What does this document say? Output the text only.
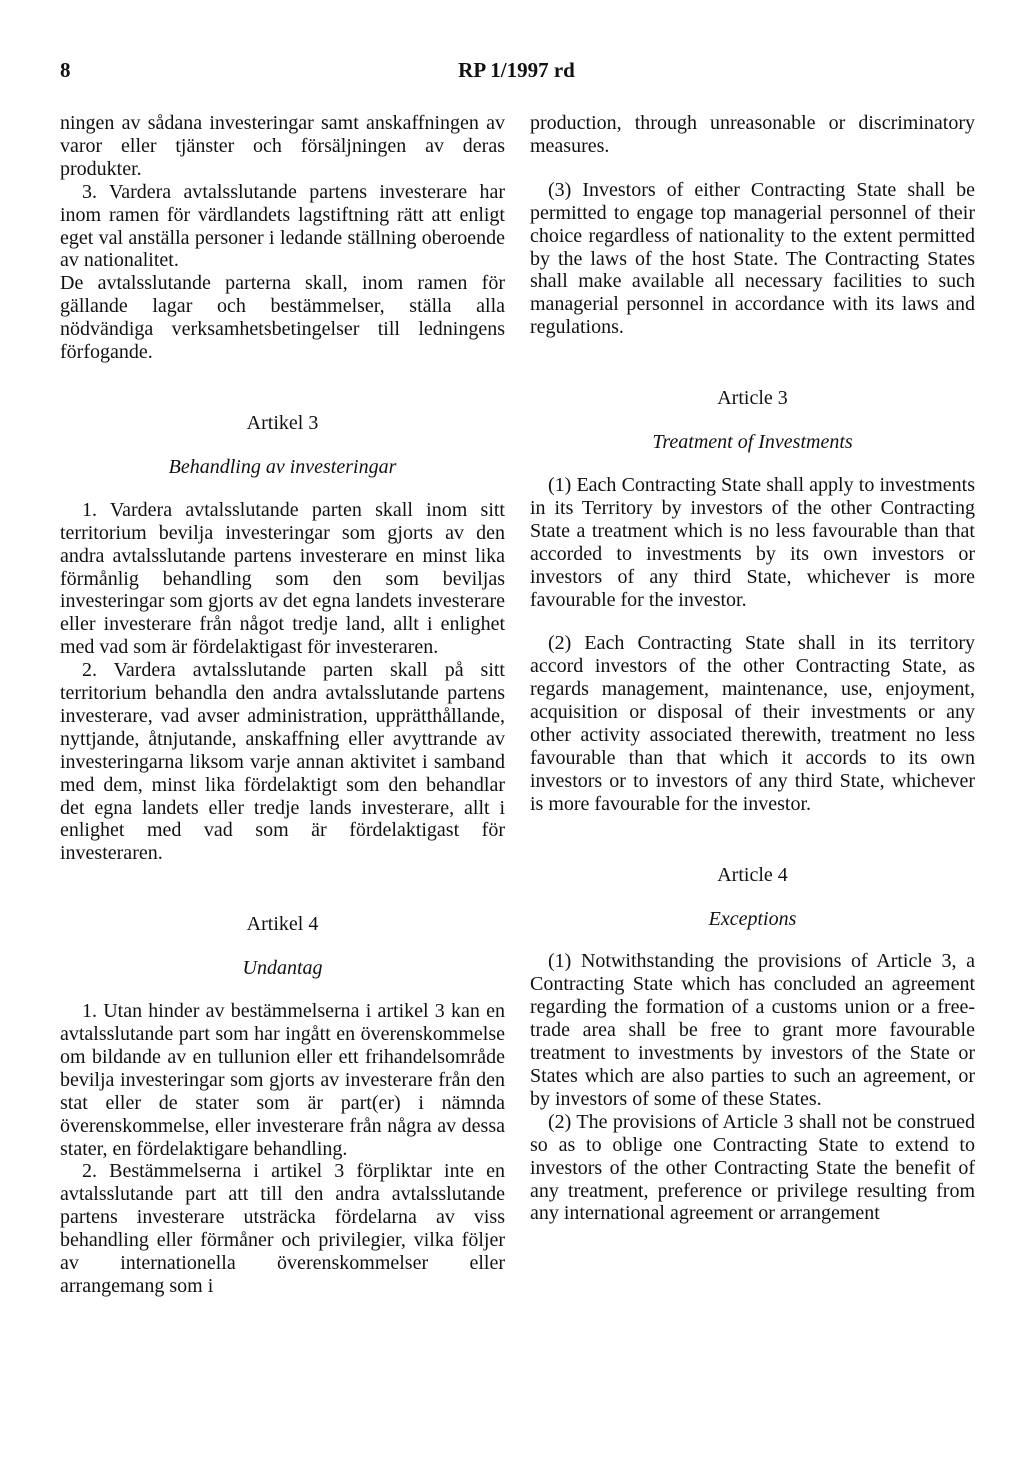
8	RP 1/1997 rd

ningen av sådana investeringar samt anskaffningen av varor eller tjänster och försäljningen av deras produkter.

3. Vardera avtalsslutande partens investerare har inom ramen för värdlandets lagstiftning rätt att enligt eget val anställa personer i ledande ställning oberoende av nationalitet.

De avtalsslutande parterna skall, inom ramen för gällande lagar och bestämmelser, ställa alla nödvändiga verksamhetsbetingelser till ledningens förfogande.

Artikel 3

Behandling av investeringar

1. Vardera avtalsslutande parten skall inom sitt territorium bevilja investeringar som gjorts av den andra avtalsslutande partens investerare en minst lika förmånlig behandling som den som beviljas investeringar som gjorts av det egna landets investerare eller investerare från något tredje land, allt i enlighet med vad som är fördelaktigast för investeraren.

2. Vardera avtalsslutande parten skall på sitt territorium behandla den andra avtalsslutande partens investerare, vad avser administration, upprätthållande, nyttjande, åtnjutande, anskaffning eller avyttrande av investeringarna liksom varje annan aktivitet i samband med dem, minst lika fördelaktigt som den behandlar det egna landets eller tredje lands investerare, allt i enlighet med vad som är fördelaktigast för investeraren.

Artikel 4

Undantag

1. Utan hinder av bestämmelserna i artikel 3 kan en avtalsslutande part som har ingått en överenskommelse om bildande av en tullunion eller ett frihandelsområde bevilja investeringar som gjorts av investerare från den stat eller de stater som är part(er) i nämnda överenskommelse, eller investerare från några av dessa stater, en fördelaktigare behandling.

2. Bestämmelserna i artikel 3 förpliktar inte en avtalsslutande part att till den andra avtalsslutande partens investerare utsträcka fördelarna av viss behandling eller förmåner och privilegier, vilka följer av internationella överenskommelser eller arrangemang som i

production, through unreasonable or discriminatory measures.

(3) Investors of either Contracting State shall be permitted to engage top managerial personnel of their choice regardless of nationality to the extent permitted by the laws of the host State. The Contracting States shall make available all necessary facilities to such managerial personnel in accordance with its laws and regulations.

Article 3

Treatment of Investments

(1) Each Contracting State shall apply to investments in its Territory by investors of the other Contracting State a treatment which is no less favourable than that accorded to investments by its own investors or investors of any third State, whichever is more favourable for the investor.

(2) Each Contracting State shall in its territory accord investors of the other Contracting State, as regards management, maintenance, use, enjoyment, acquisition or disposal of their investments or any other activity associated therewith, treatment no less favourable than that which it accords to its own investors or to investors of any third State, whichever is more favourable for the investor.

Article 4

Exceptions

(1) Notwithstanding the provisions of Article 3, a Contracting State which has concluded an agreement regarding the formation of a customs union or a free-trade area shall be free to grant more favourable treatment to investments by investors of the State or States which are also parties to such an agreement, or by investors of some of these States.

(2) The provisions of Article 3 shall not be construed so as to oblige one Contracting State to extend to investors of the other Contracting State the benefit of any treatment, preference or privilege resulting from any international agreement or arrangement
